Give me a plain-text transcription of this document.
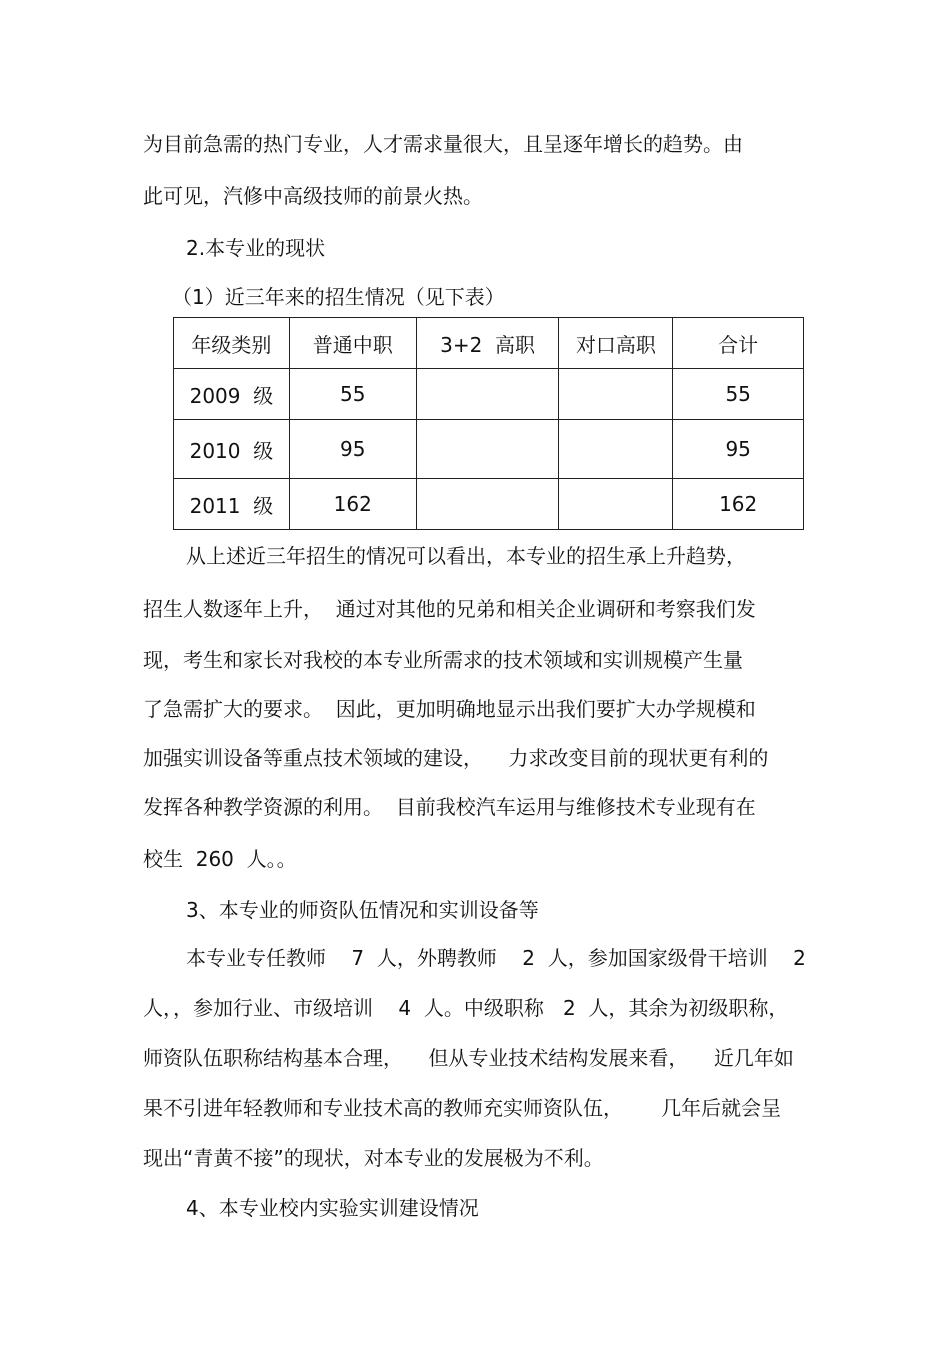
为目前急需的热门专业，人才需求量很大，且呈逐年增长的趋势。由
此可见，汽修中高级技师的前景火热。
2.本专业的现状
（1）近三年来的招生情况（见下表）
年级类别	普通中职	3+2  高职	对口高职	合计
2009  级	55			55
2010  级	95			95
2011  级	162			162
从上述近三年招生的情况可以看出，本专业的招生承上升趋势，
招生人数逐年上升，  通过对其他的兄弟和相关企业调研和考察我们发
现，考生和家长对我校的本专业所需求的技术领域和实训规模产生量
了急需扩大的要求。  因此，更加明确地显示出我们要扩大办学规模和
加强实训设备等重点技术领域的建设，    力求改变目前的现状更有利的
发挥各种教学资源的利用。  目前我校汽车运用与维修技术专业现有在
校生  260  人。。
3、本专业的师资队伍情况和实训设备等
本专业专任教师    7  人，外聘教师    2  人，参加国家级骨干培训    2
人，，参加行业、市级培训    4  人。中级职称   2  人，其余为初级职称，
师资队伍职称结构基本合理，    但从专业技术结构发展来看，    近几年如
果不引进年轻教师和专业技术高的教师充实师资队伍，      几年后就会呈
现出“青黄不接”的现状，对本专业的发展极为不利。
4、本专业校内实验实训建设情况
